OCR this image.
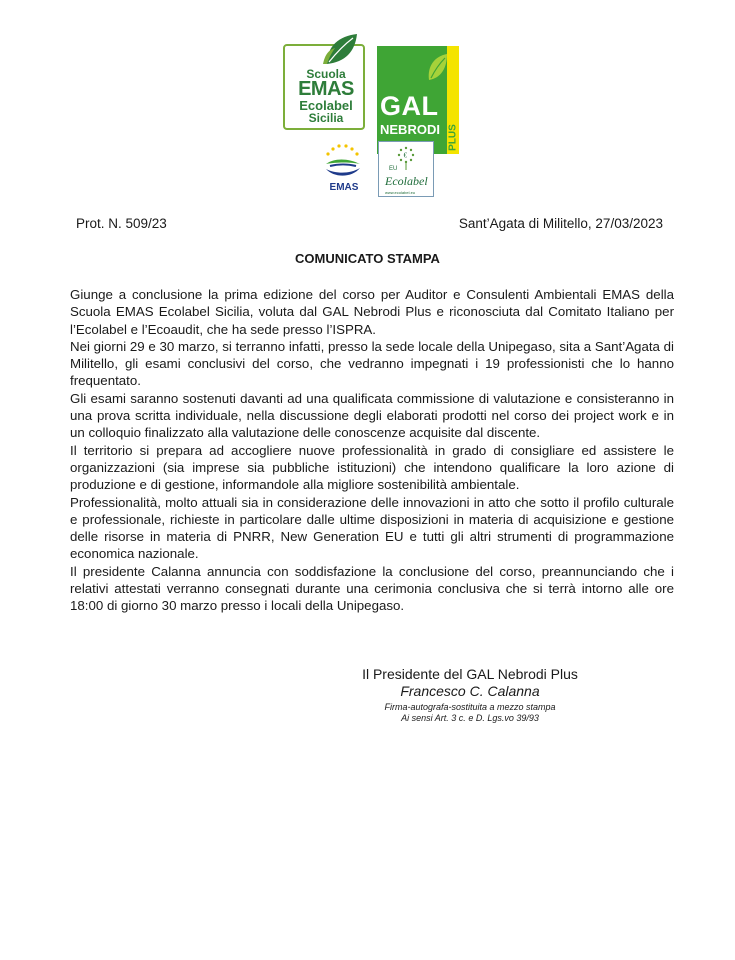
Scuola
EMAS
Ecolabel
Sicilia	GAL
NEBRODI PLUS
EMAS
€
EU
Ecolabel
www.ecolabel.eu
Prot. N. 509/23	Sant’Agata di Militello, 27/03/2023
COMUNICATO STAMPA

Giunge a conclusione la prima edizione del corso per Auditor e Consulenti Ambientali EMAS della Scuola EMAS Ecolabel Sicilia, voluta dal GAL Nebrodi Plus e riconosciuta dal Comitato Italiano per l’Ecolabel e l’Ecoaudit, che ha sede presso l’ISPRA.

Nei giorni 29 e 30 marzo, si terranno infatti, presso la sede locale della Unipegaso, sita a Sant’Agata di Militello, gli esami conclusivi del corso, che vedranno impegnati i 19 professionisti che lo hanno frequentato.

Gli esami saranno sostenuti davanti ad una qualificata commissione di valutazione e consisteranno in una prova scritta individuale, nella discussione degli elaborati prodotti nel corso dei project work e in un colloquio finalizzato alla valutazione delle conoscenze acquisite dal discente.

Il territorio si prepara ad accogliere nuove professionalità in grado di consigliare ed assistere le organizzazioni (sia imprese sia pubbliche istituzioni) che intendono qualificare la loro azione di produzione e di gestione, informandole alla migliore sostenibilità ambientale.

Professionalità, molto attuali sia in considerazione delle innovazioni in atto che sotto il profilo culturale e professionale, richieste in particolare dalle ultime disposizioni in materia di acquisizione e gestione delle risorse in materia di PNRR, New Generation EU e tutti gli altri strumenti di programmazione economica nazionale.

Il presidente Calanna annuncia con soddisfazione la conclusione del corso, preannunciando che i relativi attestati verranno consegnati durante una cerimonia conclusiva che si terrà intorno alle ore 18:00 di giorno 30 marzo presso i locali della Unipegaso.

Il Presidente del GAL Nebrodi Plus
Francesco C. Calanna
Firma-autografa-sostituita a mezzo stampa
Ai sensi Art. 3 c. e D. Lgs.vo 39/93
